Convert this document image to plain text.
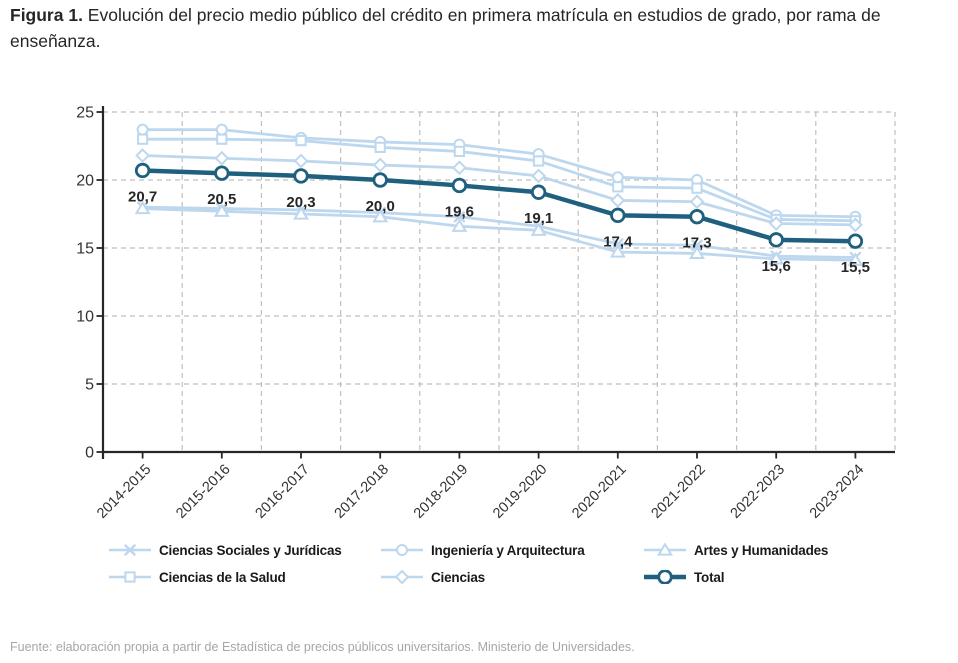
Figura 1. Evolución del precio medio público del crédito en primera matrícula en estudios de grado, por rama de enseñanza.

0
5
10
15
20
25
2014-2015 2015-2016 2016-2017 2017-2018 2018-2019 2019-2020 2020-2021 2021-2022 2022-2023 2023-2024
20,7	20,5	20,3	20,0	19,6	19,1
17,4	17,3
15,6	15,5
Ciencias Sociales y Jurídicas	Ingeniería y Arquitectura	Artes y Humanidades
Ciencias de la Salud	Ciencias	Total
Fuente: elaboración propia a partir de Estadística de precios públicos universitarios. Ministerio de Universidades.
